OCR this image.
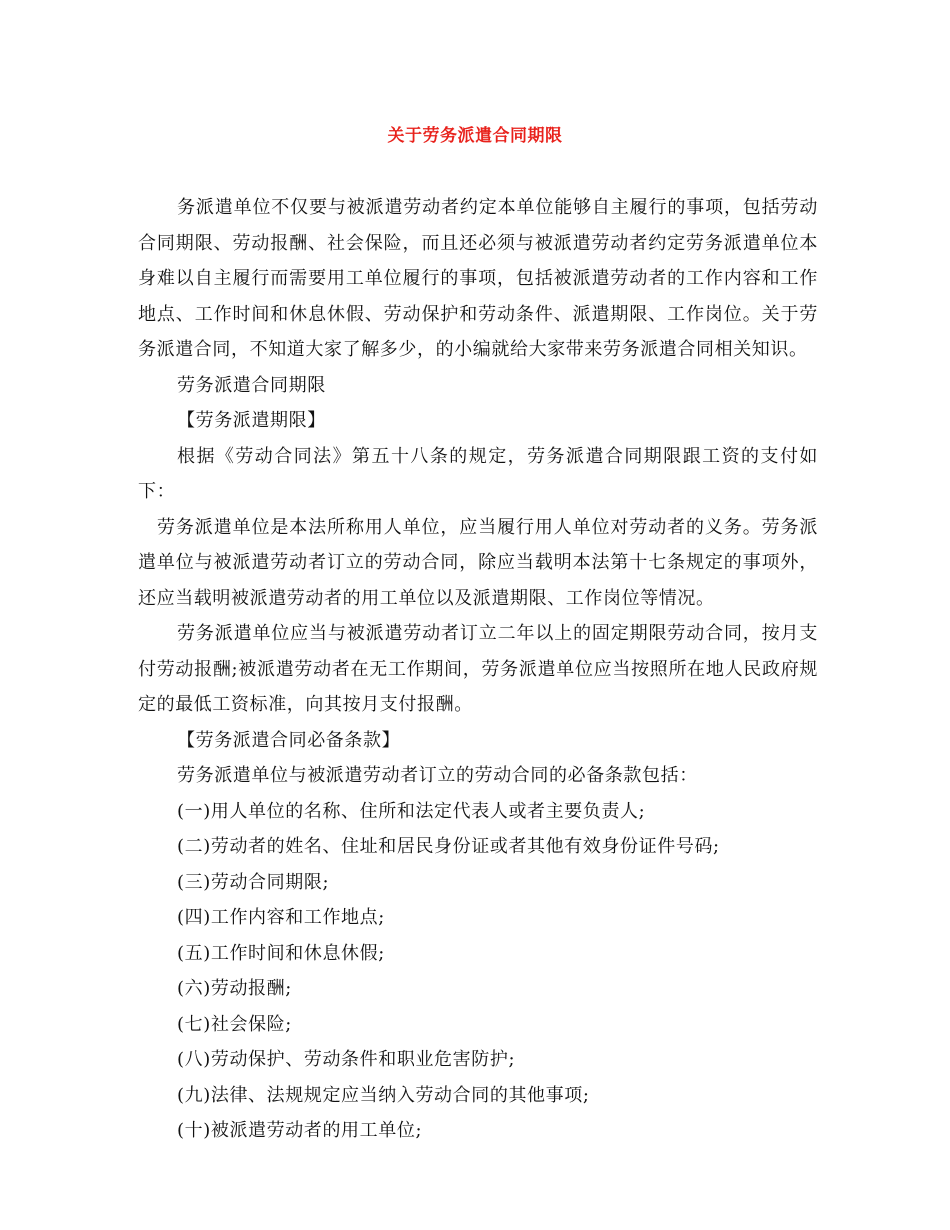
关于劳务派遣合同期限

务派遣单位不仅要与被派遣劳动者约定本单位能够自主履行的事项，包括劳动合同期限、劳动报酬、社会保险，而且还必须与被派遣劳动者约定劳务派遣单位本身难以自主履行而需要用工单位履行的事项，包括被派遣劳动者的工作内容和工作地点、工作时间和休息休假、劳动保护和劳动条件、派遣期限、工作岗位。关于劳务派遣合同，不知道大家了解多少，的小编就给大家带来劳务派遣合同相关知识。

劳务派遣合同期限

【劳务派遣期限】

根据《劳动合同法》第五十八条的规定，劳务派遣合同期限跟工资的支付如下：

劳务派遣单位是本法所称用人单位，应当履行用人单位对劳动者的义务。劳务派遣单位与被派遣劳动者订立的劳动合同，除应当载明本法第十七条规定的事项外，还应当载明被派遣劳动者的用工单位以及派遣期限、工作岗位等情况。

劳务派遣单位应当与被派遣劳动者订立二年以上的固定期限劳动合同，按月支付劳动报酬;被派遣劳动者在无工作期间，劳务派遣单位应当按照所在地人民政府规定的最低工资标准，向其按月支付报酬。

【劳务派遣合同必备条款】

劳务派遣单位与被派遣劳动者订立的劳动合同的必备条款包括：

(一)用人单位的名称、住所和法定代表人或者主要负责人;

(二)劳动者的姓名、住址和居民身份证或者其他有效身份证件号码;

(三)劳动合同期限;

(四)工作内容和工作地点;

(五)工作时间和休息休假;

(六)劳动报酬;

(七)社会保险;

(八)劳动保护、劳动条件和职业危害防护;

(九)法律、法规规定应当纳入劳动合同的其他事项;

(十)被派遣劳动者的用工单位;
